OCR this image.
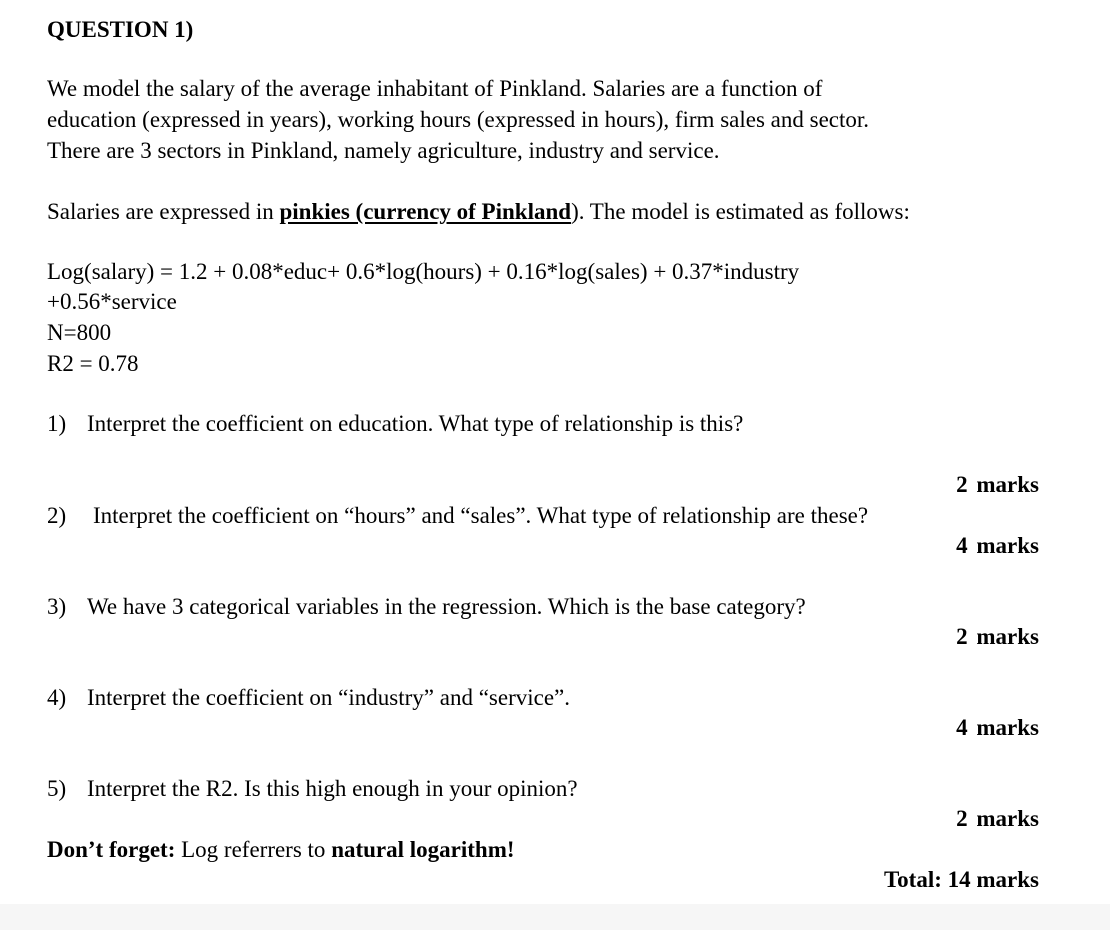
QUESTION 1)
We model the salary of the average inhabitant of Pinkland. Salaries are a function of
education (expressed in years), working hours (expressed in hours), firm sales and sector.
There are 3 sectors in Pinkland, namely agriculture, industry and service.
Salaries are expressed in pinkies (currency of Pinkland). The model is estimated as follows:
Log(salary) = 1.2 + 0.08*educ+ 0.6*log(hours) + 0.16*log(sales) + 0.37*industry
+0.56*service
N=800
R2 = 0.78
1) Interpret the coefficient on education. What type of relationship is this?
2 marks
2) Interpret the coefficient on “hours” and “sales”. What type of relationship are these?
4 marks
3) We have 3 categorical variables in the regression. Which is the base category?
2 marks
4) Interpret the coefficient on “industry” and “service”.
4 marks
5) Interpret the R2. Is this high enough in your opinion?
2 marks
Don’t forget: Log referrers to natural logarithm!
Total: 14 marks
